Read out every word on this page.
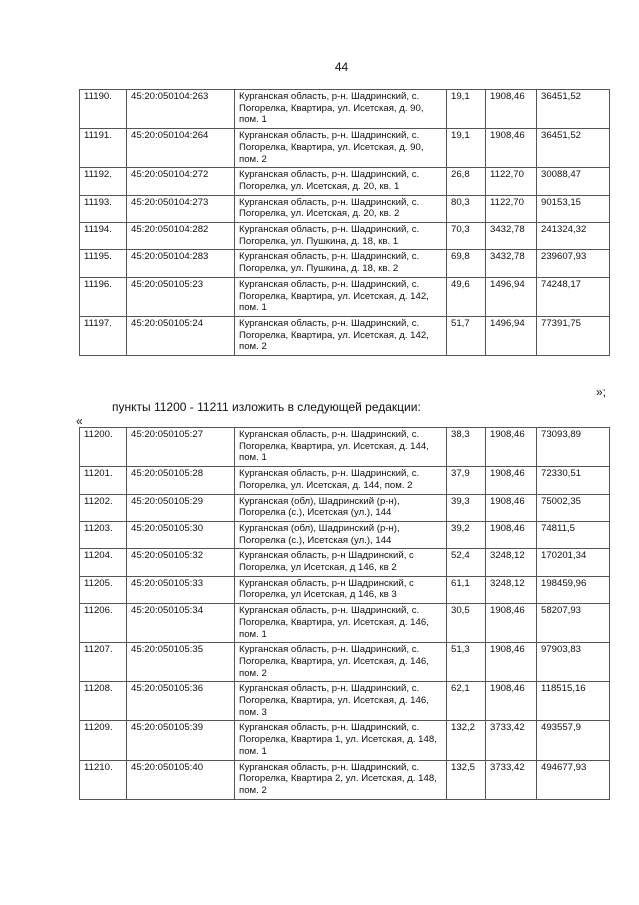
44
11190.	45:20:050104:263	Курганская область, р-н. Шадринский, с. Погорелка, Квартира, ул. Исетская, д. 90, пом. 1	19,1	1908,46	36451,52
11191.	45:20:050104:264	Курганская область, р-н. Шадринский, с. Погорелка, Квартира, ул. Исетская, д. 90, пом. 2	19,1	1908,46	36451,52
11192.	45:20:050104:272	Курганская область, р-н. Шадринский, с. Погорелка, ул. Исетская, д. 20, кв. 1	26,8	1122,70	30088,47
11193.	45:20:050104:273	Курганская область, р-н. Шадринский, с. Погорелка, ул. Исетская, д. 20, кв. 2	80,3	1122,70	90153,15
11194.	45:20:050104:282	Курганская область, р-н. Шадринский, с. Погорелка, ул. Пушкина, д. 18, кв. 1	70,3	3432,78	241324,32
11195.	45:20:050104:283	Курганская область, р-н. Шадринский, с. Погорелка, ул. Пушкина, д. 18, кв. 2	69,8	3432,78	239607,93
11196.	45:20:050105:23	Курганская область, р-н. Шадринский, с. Погорелка, Квартира, ул. Исетская, д. 142, пом. 1	49,6	1496,94	74248,17
11197.	45:20:050105:24	Курганская область, р-н. Шадринский, с. Погорелка, Квартира, ул. Исетская, д. 142, пом. 2	51,7	1496,94	77391,75
»;
пункты 11200 - 11211 изложить в следующей редакции:
«
11200.	45:20:050105:27	Курганская область, р-н. Шадринский, с. Погорелка, Квартира, ул. Исетская, д. 144, пом. 1	38,3	1908,46	73093,89
11201.	45:20:050105:28	Курганская область, р-н. Шадринский, с. Погорелка, ул. Исетская, д. 144, пом. 2	37,9	1908,46	72330,51
11202.	45:20:050105:29	Курганская (обл), Шадринский (р-н), Погорелка (с.), Исетская (ул.), 144	39,3	1908,46	75002,35
11203.	45:20:050105:30	Курганская (обл), Шадринский (р-н), Погорелка (с.), Исетская (ул.), 144	39,2	1908,46	74811,5
11204.	45:20:050105:32	Курганская область, р-н Шадринский, с Погорелка, ул Исетская, д 146, кв 2	52,4	3248,12	170201,34
11205.	45:20:050105:33	Курганская область, р-н Шадринский, с Погорелка, ул Исетская, д 146, кв 3	61,1	3248,12	198459,96
11206.	45:20:050105:34	Курганская область, р-н. Шадринский, с. Погорелка, Квартира, ул. Исетская, д. 146, пом. 1	30,5	1908,46	58207,93
11207.	45:20:050105:35	Курганская область, р-н. Шадринский, с. Погорелка, Квартира, ул. Исетская, д. 146, пом. 2	51,3	1908,46	97903,83
11208.	45:20:050105:36	Курганская область, р-н. Шадринский, с. Погорелка, Квартира, ул. Исетская, д. 146, пом. 3	62,1	1908,46	118515,16
11209.	45:20:050105:39	Курганская область, р-н. Шадринский, с. Погорелка, Квартира 1, ул. Исетская, д. 148, пом. 1	132,2	3733,42	493557,9
11210.	45:20:050105:40	Курганская область, р-н. Шадринский, с. Погорелка, Квартира 2, ул. Исетская, д. 148, пом. 2	132,5	3733,42	494677,93
